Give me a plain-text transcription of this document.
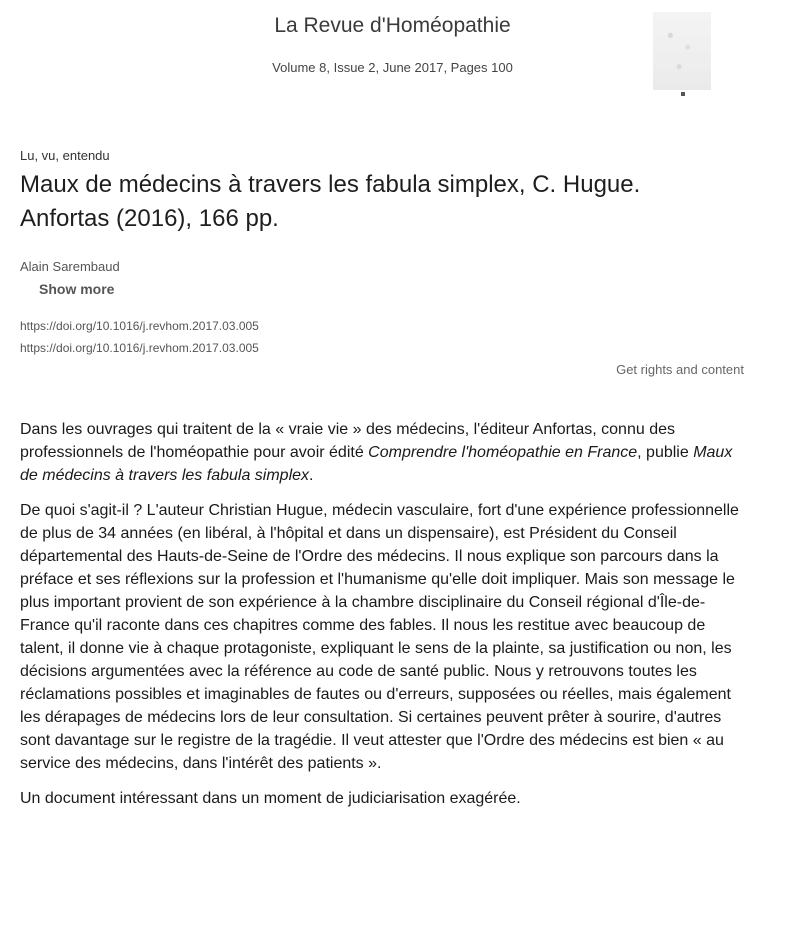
La Revue d'Homéopathie
Volume 8, Issue 2, June 2017, Pages 100
Lu, vu, entendu
Maux de médecins à travers les fabula simplex, C. Hugue.
Anfortas (2016), 166 pp.
Alain Sarembaud
Show more
https://doi.org/10.1016/j.revhom.2017.03.005
https://doi.org/10.1016/j.revhom.2017.03.005
Get rights and content

Dans les ouvrages qui traitent de la « vraie vie » des médecins, l'éditeur Anfortas, connu des professionnels de l'homéopathie pour avoir édité Comprendre l'homéopathie en France, publie Maux de médecins à travers les fabula simplex.

De quoi s'agit-il ? L'auteur Christian Hugue, médecin vasculaire, fort d'une expérience professionnelle de plus de 34 années (en libéral, à l'hôpital et dans un dispensaire), est Président du Conseil départemental des Hauts-de-Seine de l'Ordre des médecins. Il nous explique son parcours dans la préface et ses réflexions sur la profession et l'humanisme qu'elle doit impliquer. Mais son message le plus important provient de son expérience à la chambre disciplinaire du Conseil régional d'Île-de-France qu'il raconte dans ces chapitres comme des fables. Il nous les restitue avec beaucoup de talent, il donne vie à chaque protagoniste, expliquant le sens de la plainte, sa justification ou non, les décisions argumentées avec la référence au code de santé public. Nous y retrouvons toutes les réclamations possibles et imaginables de fautes ou d'erreurs, supposées ou réelles, mais également les dérapages de médecins lors de leur consultation. Si certaines peuvent prêter à sourire, d'autres sont davantage sur le registre de la tragédie. Il veut attester que l'Ordre des médecins est bien « au service des médecins, dans l'intérêt des patients ».

Un document intéressant dans un moment de judiciarisation exagérée.
